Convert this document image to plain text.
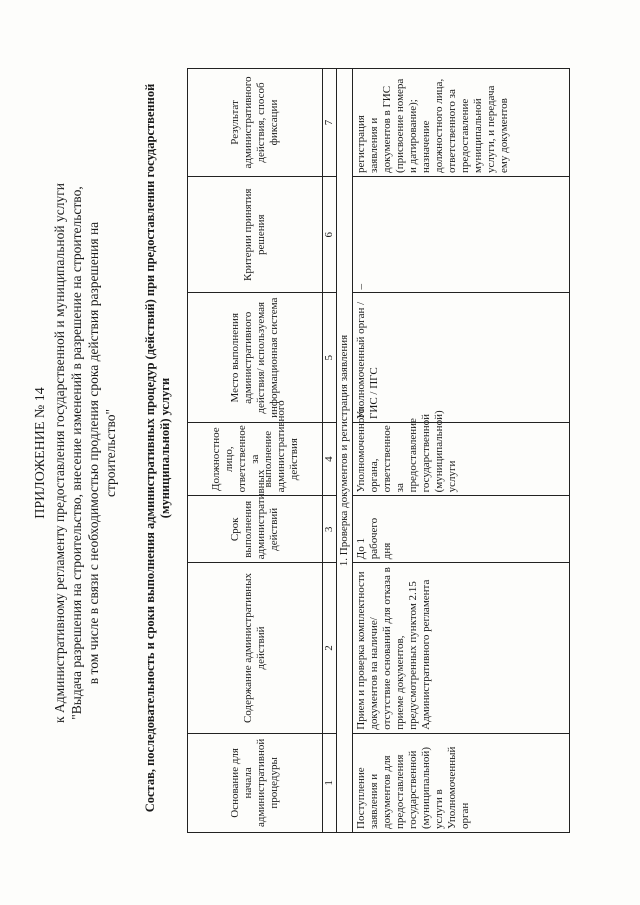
ПРИЛОЖЕНИЕ № 14 к Административному регламенту предоставления государственной и муниципальной услуги "Выдача разрешения на строительство, внесение изменений в разрешение на строительство, в том числе в связи с необходимостью продления срока действия разрешения на строительство" Состав, последовательность и сроки выполнения административных процедур (действий) при предоставлении государственной (муниципальной) услуги
Основание для начала административной процедуры	Содержание административных действий	Срок выполнения административных действий	Должностное лицо, ответственное за выполнение административного действия	Место выполнения административного действия/ используемая информационная система	Критерии принятия решения	Результат административного действия, способ фиксации
1	2	3	4	5	6	7
1. Проверка документов и регистрация заявления						
Поступление заявления и документов для предоставления государственной (муниципальной) услуги в Уполномоченный орган	Прием и проверка комплектности документов на наличие/отсутствие оснований для отказа в приеме документов, предусмотренных пунктом 2.15 Административного регламента	До 1 рабочего дня	Уполномоченного органа, ответственное за предоставление государственной (муниципальной) услуги	Уполномоченный орган / ГИС / ПГС	–	регистрация заявления и документов в ГИС (присвоение номера и датирование); назначение должностного лица, ответственного за предоставление муниципальной услуги, и передача ему документов
